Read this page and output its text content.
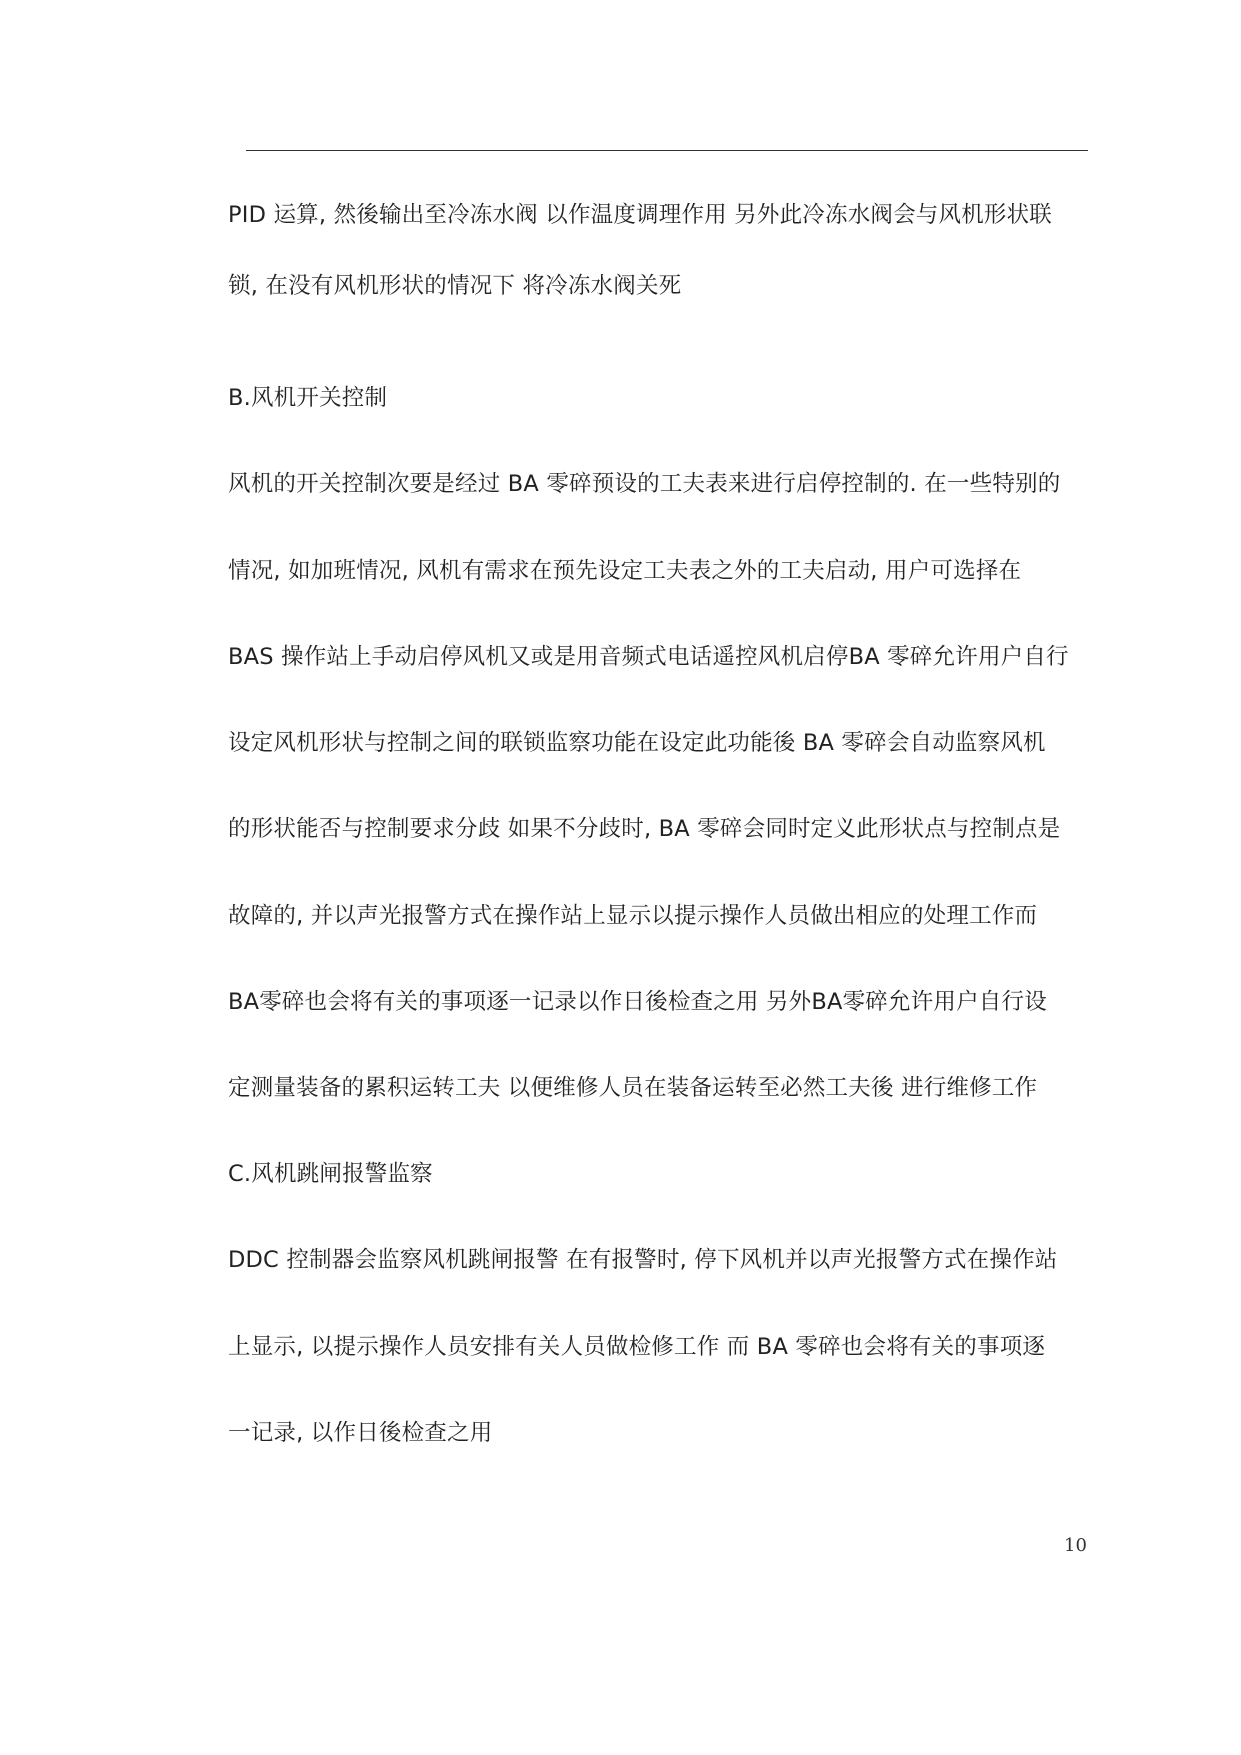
PID 运算, 然後输出至冷冻水阀 以作温度调理作用 另外此冷冻水阀会与风机形状联
锁, 在没有风机形状的情况下 将冷冻水阀关死
B.风机开关控制
风机的开关控制次要是经过 BA 零碎预设的工夫表来进行启停控制的. 在一些特别的
情况, 如加班情况, 风机有需求在预先设定工夫表之外的工夫启动, 用户可选择在
BAS 操作站上手动启停风机又或是用音频式电话遥控风机启停BA 零碎允许用户自行
设定风机形状与控制之间的联锁监察功能在设定此功能後 BA 零碎会自动监察风机
的形状能否与控制要求分歧 如果不分歧时, BA 零碎会同时定义此形状点与控制点是
故障的, 并以声光报警方式在操作站上显示以提示操作人员做出相应的处理工作而
BA零碎也会将有关的事项逐一记录以作日後检查之用 另外BA零碎允许用户自行设
定测量装备的累积运转工夫 以便维修人员在装备运转至必然工夫後 进行维修工作
C.风机跳闸报警监察
DDC 控制器会监察风机跳闸报警 在有报警时, 停下风机并以声光报警方式在操作站
上显示, 以提示操作人员安排有关人员做检修工作 而 BA 零碎也会将有关的事项逐
一记录, 以作日後检查之用
10
